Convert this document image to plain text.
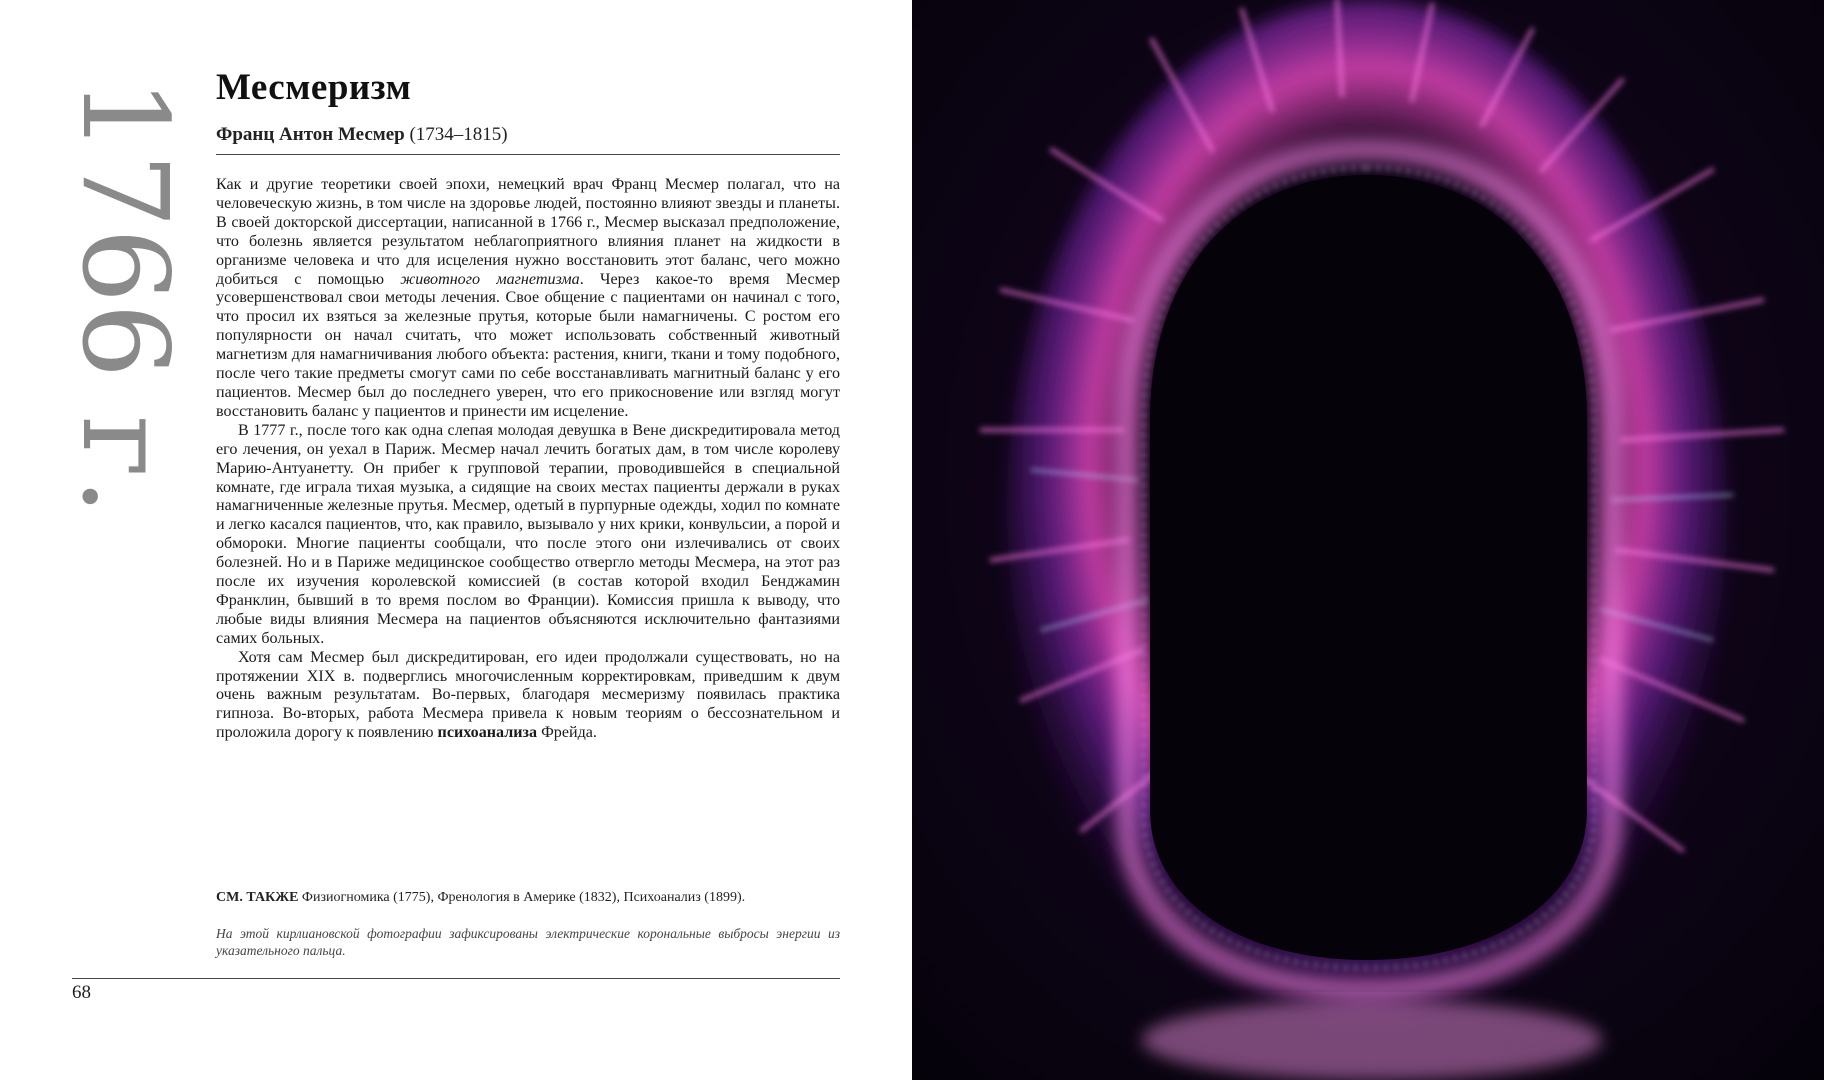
1766 г. Месмеризм
Франц Антон Месмер (1734–1815)

Как и другие теоретики своей эпохи, немецкий врач Франц Месмер полагал, что на человеческую жизнь, в том числе на здоровье людей, постоянно влияют звезды и планеты. В своей докторской диссертации, написанной в 1766 г., Месмер высказал предположение, что болезнь является результатом неблагоприятного влияния планет на жидкости в организме человека и что для исцеления нужно восстановить этот баланс, чего можно добиться с помощью животного магнетизма. Через какое-то время Месмер усовершенствовал свои методы лечения. Свое общение с пациентами он начинал с того, что просил их взяться за железные прутья, которые были намагничены. С ростом его популярности он начал считать, что может использовать собственный животный магнетизм для намагничивания любого объекта: растения, книги, ткани и тому подобного, после чего такие предметы смогут сами по себе восстанавливать магнитный баланс у его пациентов. Месмер был до последнего уверен, что его прикосновение или взгляд могут восстановить баланс у пациентов и принести им исцеление.

В 1777 г., после того как одна слепая молодая девушка в Вене дискредитировала метод его лечения, он уехал в Париж. Месмер начал лечить богатых дам, в том числе королеву Марию-Антуанетту. Он прибег к групповой терапии, проводившейся в специальной комнате, где играла тихая музыка, а сидящие на своих местах пациенты держали в руках намагниченные железные прутья. Месмер, одетый в пурпурные одежды, ходил по комнате и легко касался пациентов, что, как правило, вызывало у них крики, конвульсии, а порой и обмороки. Многие пациенты сообщали, что после этого они излечивались от своих болезней. Но и в Париже медицинское сообщество отвергло методы Месмера, на этот раз после их изучения королевской комиссией (в состав которой входил Бенджамин Франклин, бывший в то время послом во Франции). Комиссия пришла к выводу, что любые виды влияния Месмера на пациентов объясняются исключительно фантазиями самих больных.

Хотя сам Месмер был дискредитирован, его идеи продолжали существовать, но на протяжении XIX в. подверглись многочисленным корректировкам, приведшим к двум очень важным результатам. Во-первых, благодаря месмеризму появилась практика гипноза. Во-вторых, работа Месмера привела к новым теориям о бессознательном и проложила дорогу к появлению психоанализа Фрейда.

СМ. ТАКЖЕ Физиогномика (1775), Френология в Америке (1832), Психоанализ (1899).
На этой кирлиановской фотографии зафиксированы электрические корональные выбросы энергии из указательного пальца.
68
